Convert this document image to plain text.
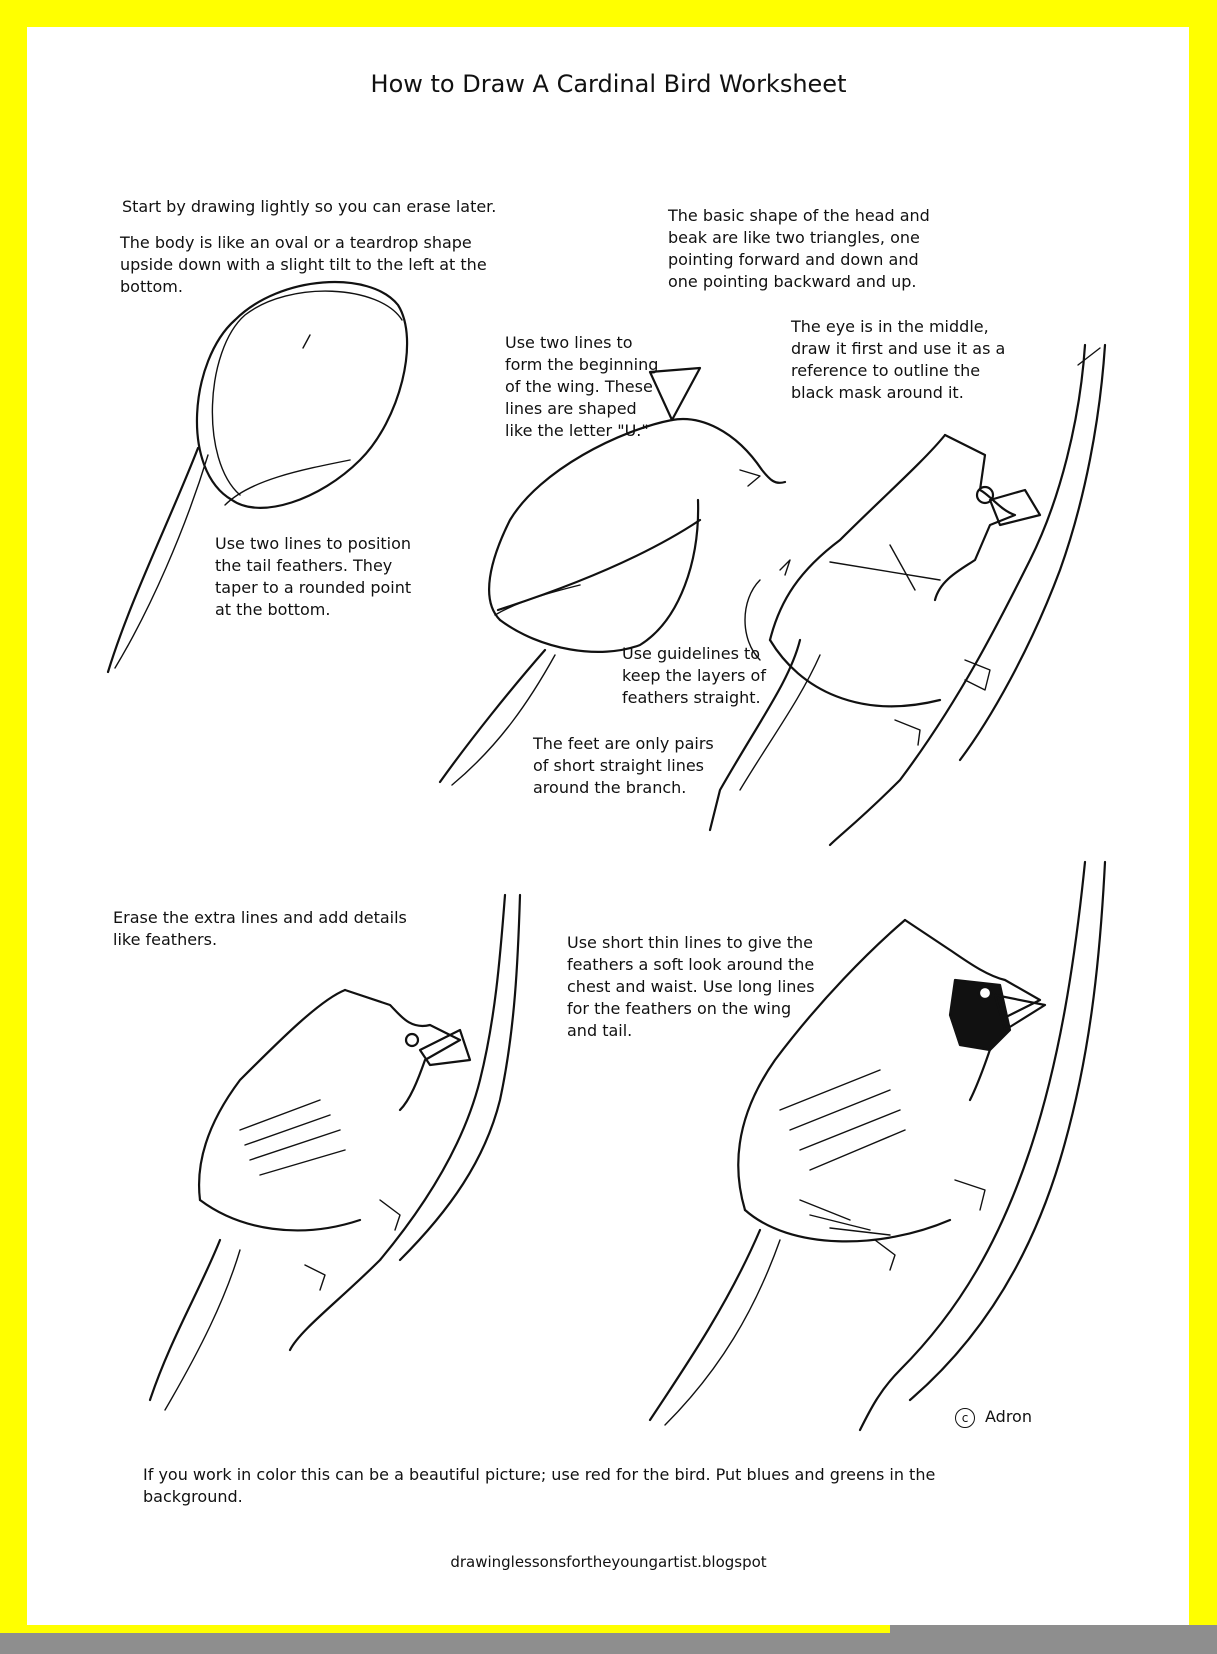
How to Draw A Cardinal Bird Worksheet
Start by drawing lightly so you can erase later.
The body is like an oval or a teardrop shape
upside down with a slight tilt to the left at the
bottom.
Use two lines to position
the tail feathers. They
taper to a rounded point
at the bottom.
Use two lines to
form the beginning
of the wing. These
lines are shaped
like the letter "U."
The basic shape of the head and
beak are like two triangles, one
pointing forward and down and
one pointing backward and up.
The eye is in the middle,
draw it first and use it as a
reference to outline the
black mask around it.
Use guidelines to
keep the layers of
feathers straight.
The feet are only pairs
of short straight lines
around the branch.
Erase the extra lines and add details
like feathers.	Use short thin lines to give the
feathers a soft look around the
chest and waist. Use long lines
for the feathers on the wing
and tail.
c	Adron
If you work in color this can be a beautiful picture; use red for the bird. Put blues and greens in the
background.
drawinglessonsfortheyoungartist.blogspot
